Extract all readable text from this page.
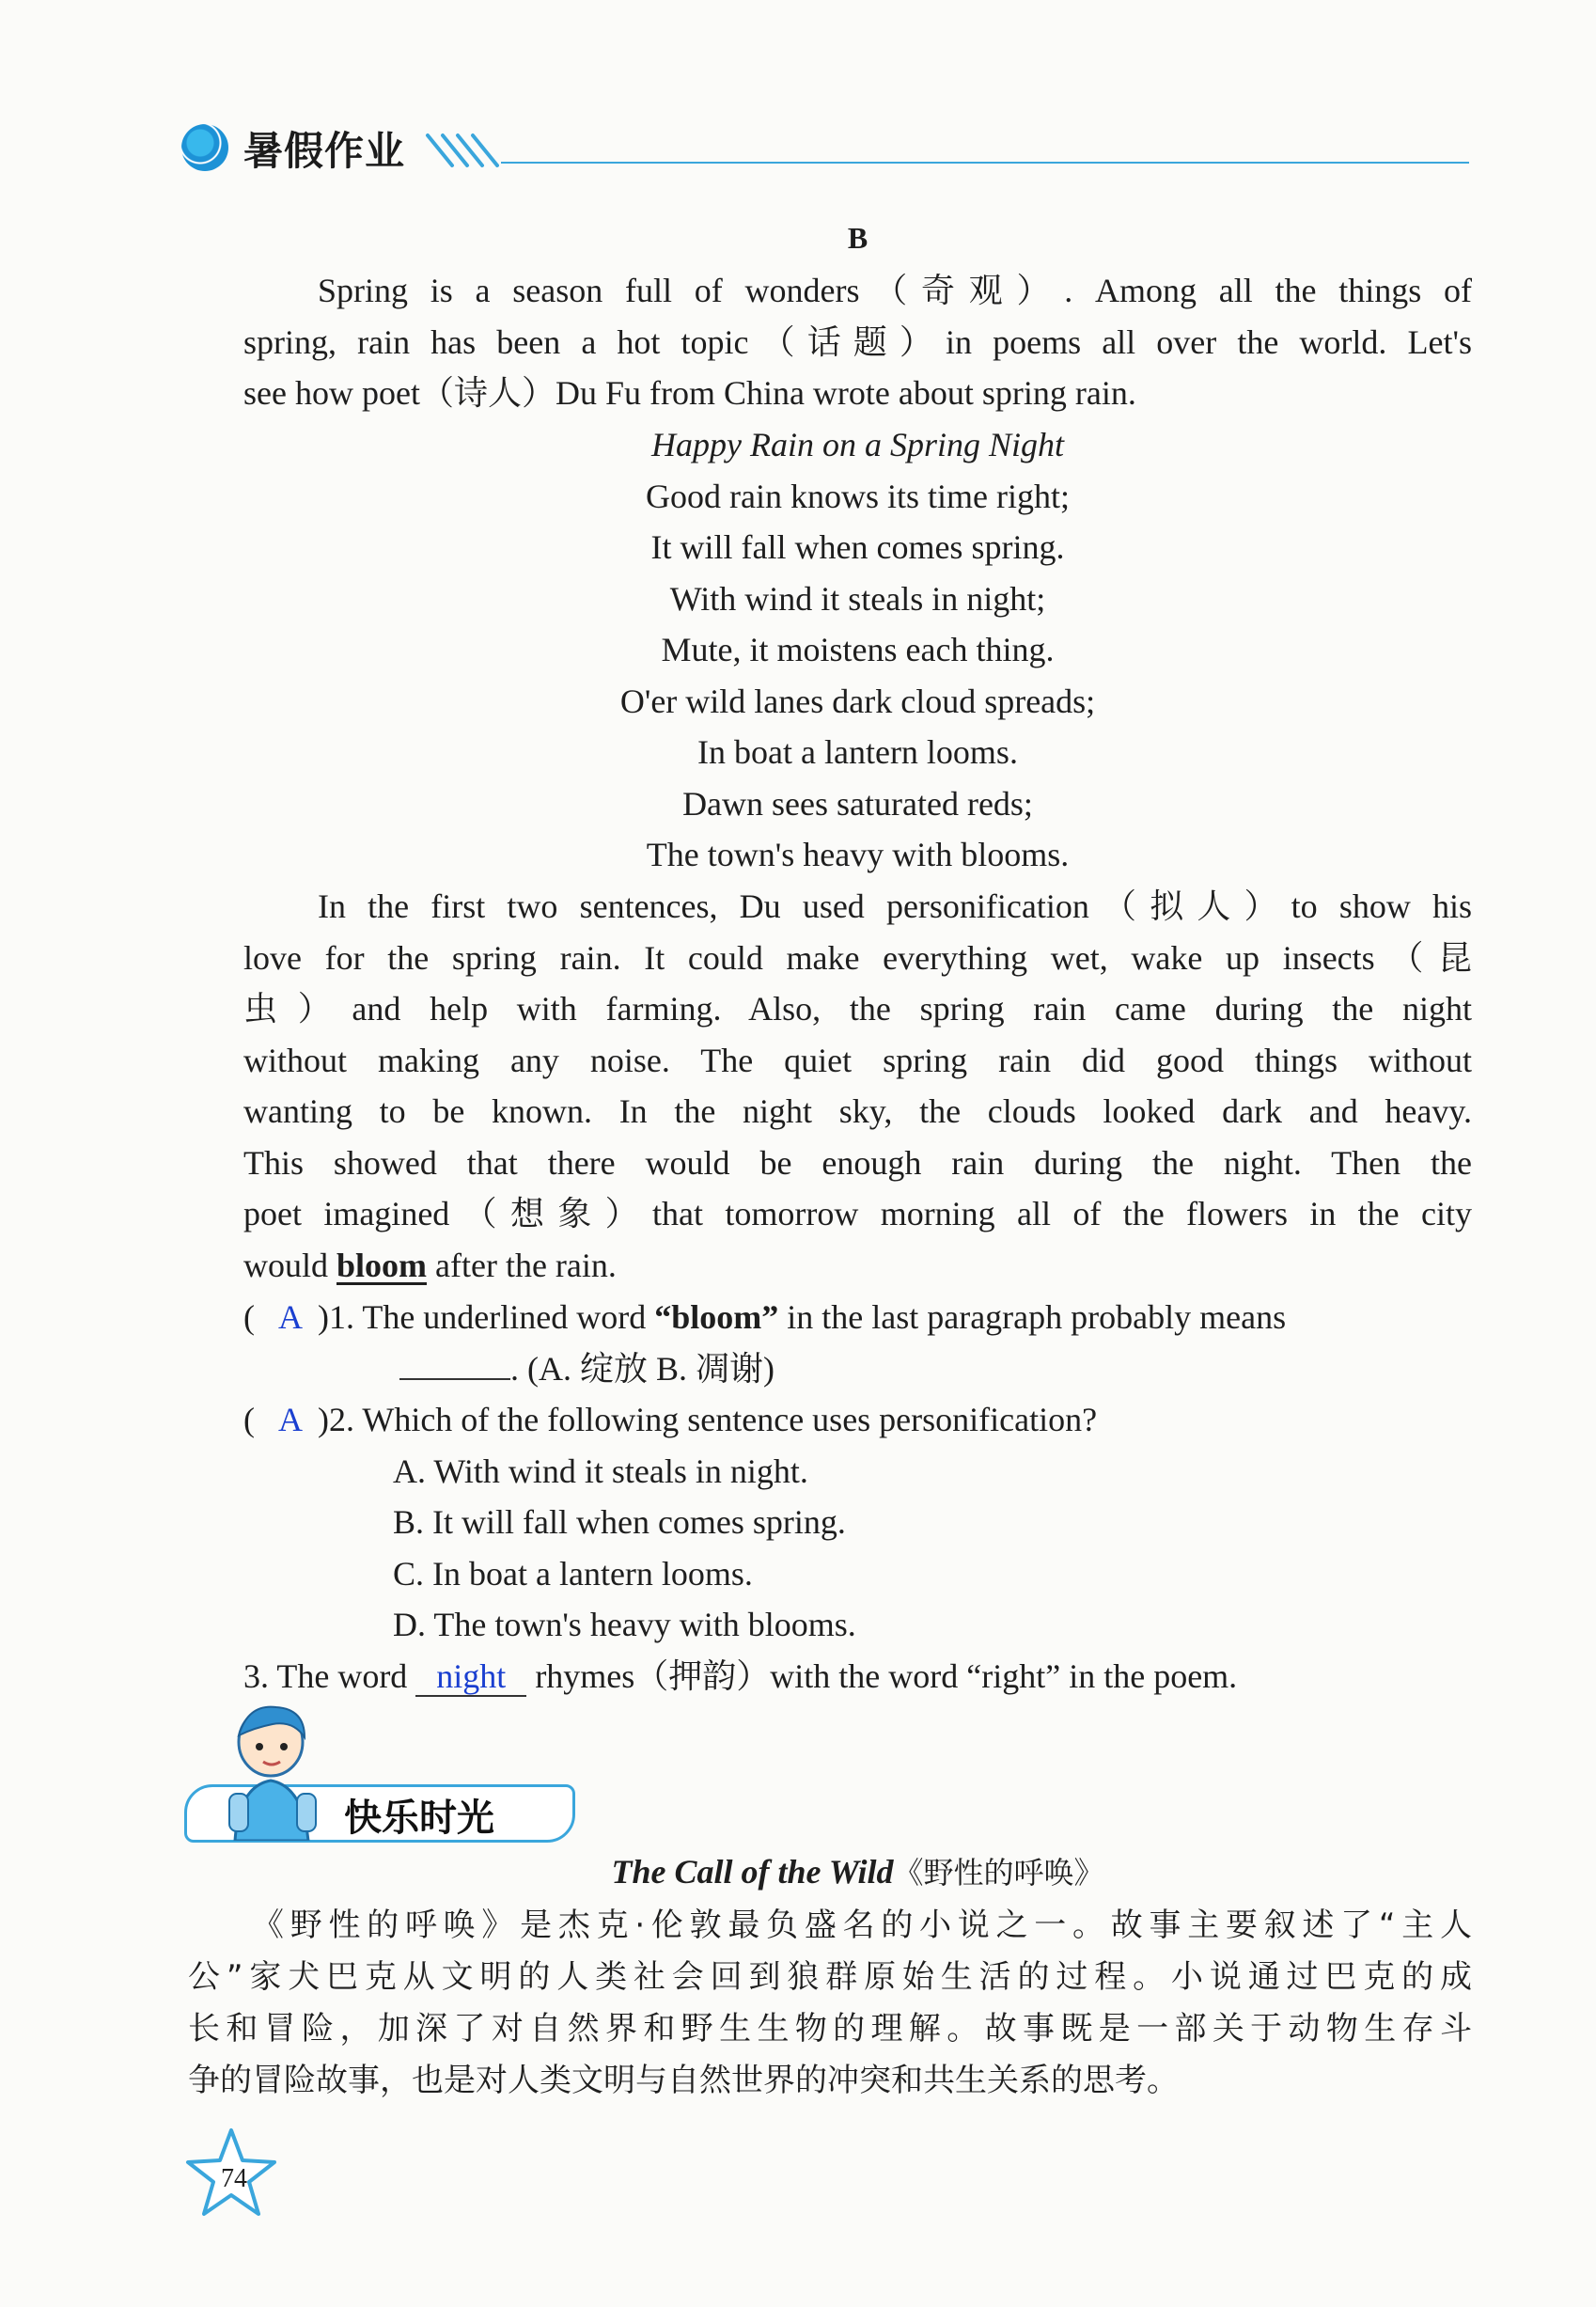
暑假作业
B
Spring is a season full of wonders（奇观）. Among all the things of
spring, rain has been a hot topic（话题）in poems all over the world. Let's
see how poet（诗人）Du Fu from China wrote about spring rain.
Happy Rain on a Spring Night
Good rain knows its time right;
It will fall when comes spring.
With wind it steals in night;
Mute, it moistens each thing.
O'er wild lanes dark cloud spreads;
In boat a lantern looms.
Dawn sees saturated reds;
The town's heavy with blooms.
In the first two sentences, Du used personification（拟人）to show his
love for the spring rain. It could make everything wet, wake up insects（昆
虫）and help with farming. Also, the spring rain came during the night
without making any noise. The quiet spring rain did good things without
wanting to be known. In the night sky, the clouds looked dark and heavy.
This showed that there would be enough rain during the night. Then the
poet imagined（想象）that tomorrow morning all of the flowers in the city
would bloom after the rain.
( A )1. The underlined word “bloom” in the last paragraph probably means
. (A. 绽放 B. 凋谢)
( A )2. Which of the following sentence uses personification?
A. With wind it steals in night.
B. It will fall when comes spring.
C. In boat a lantern looms.
D. The town's heavy with blooms.
3. The word night rhymes（押韵）with the word “right” in the poem.
快乐时光
The Call of the Wild《野性的呼唤》
《野性的呼唤》是杰克·伦敦最负盛名的小说之一。故事主要叙述了“主人
公”家犬巴克从文明的人类社会回到狼群原始生活的过程。小说通过巴克的成
长和冒险，加深了对自然界和野生生物的理解。故事既是一部关于动物生存斗
争的冒险故事，也是对人类文明与自然世界的冲突和共生关系的思考。
74
